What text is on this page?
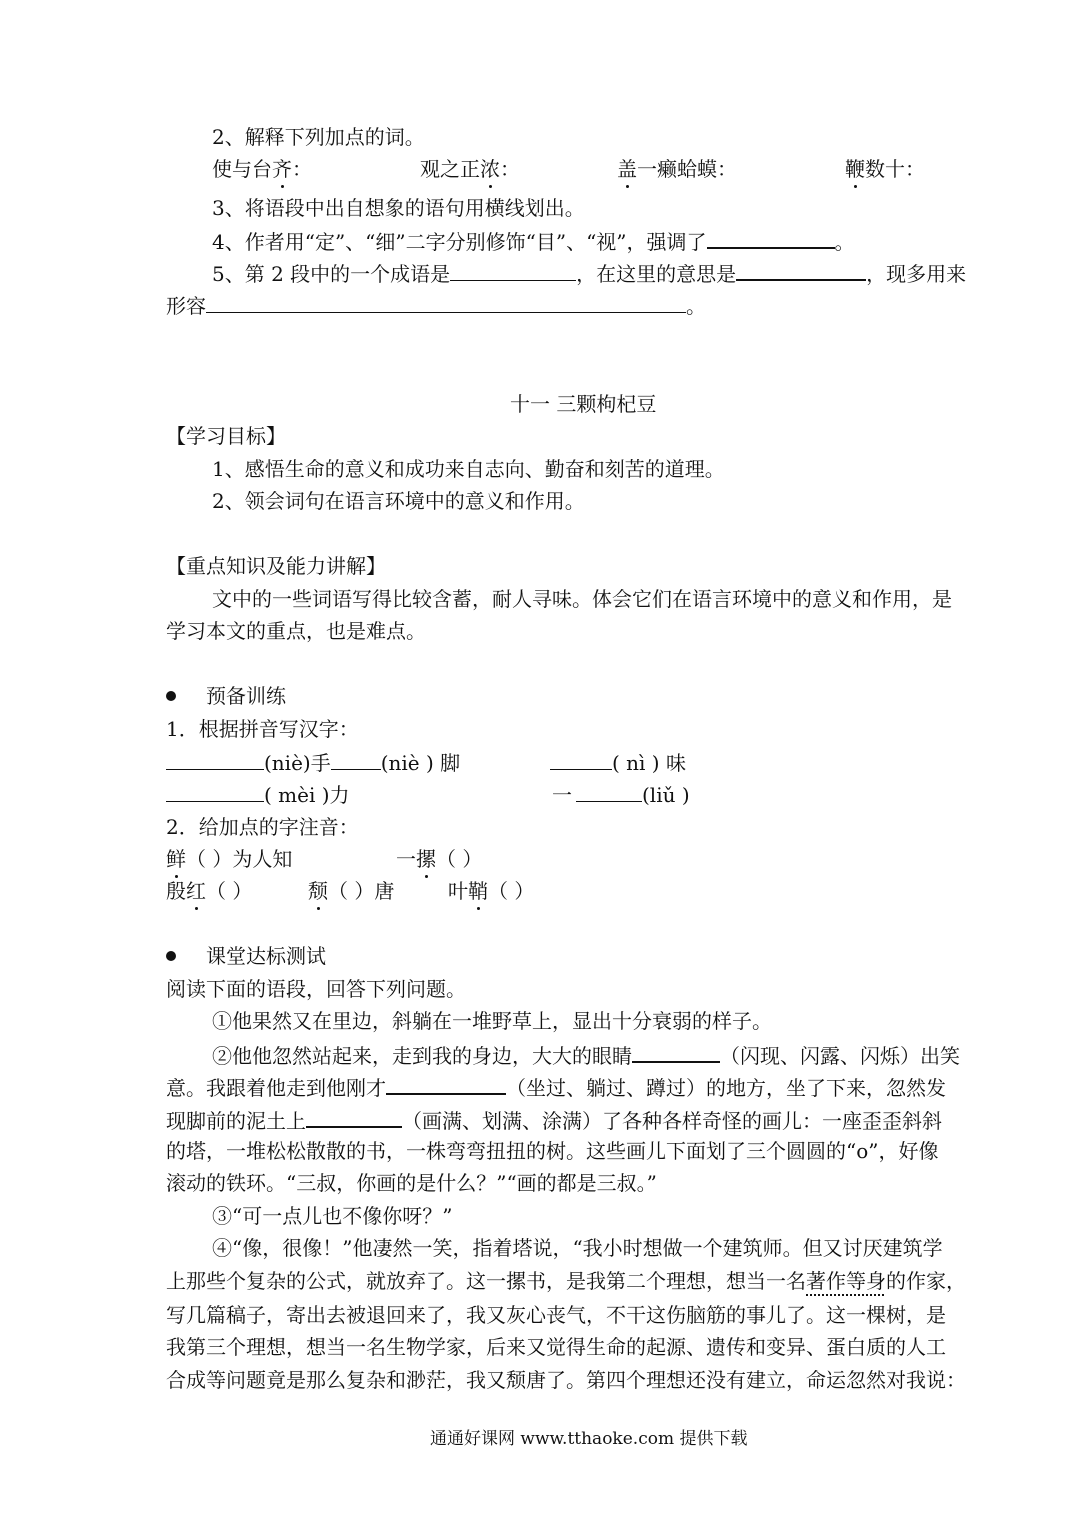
2、解释下列加点的词。
使与台齐：	观之正浓：	盖一癞蛤蟆：	鞭数十：
3、将语段中出自想象的语句用横线划出。
4、作者用“定”、“细”二字分别修饰“目”、“视”，强调了	。
5、第 2 段中的一个成语是	，在这里的意思是	，现多用来
形容	。
十一 三颗枸杞豆
【学习目标】
1、感悟生命的意义和成功来自志向、勤奋和刻苦的道理。
2、领会词句在语言环境中的意义和作用。
【重点知识及能力讲解】
文中的一些词语写得比较含蓄，耐人寻味。体会它们在语言环境中的意义和作用，是
学习本文的重点，也是难点。
预备训练
1．根据拼音写汉字：
(niè)手	(niè ) 脚	( nì ) 味
( mèi )力	一	(liǔ )
2．给加点的字注音：
鲜（ ）为人知	一摞（ ）
殷红（ ）	颓（ ）唐	叶鞘（ ）
课堂达标测试
阅读下面的语段，回答下列问题。
①他果然又在里边，斜躺在一堆野草上，显出十分衰弱的样子。
②他他忽然站起来，走到我的身边，大大的眼睛	（闪现、闪露、闪烁）出笑
意。我跟着他走到他刚才	（坐过、躺过、蹲过）的地方，坐了下来，忽然发
现脚前的泥土上	（画满、划满、涂满）了各种各样奇怪的画儿：一座歪歪斜斜
的塔，一堆松松散散的书，一株弯弯扭扭的树。这些画儿下面划了三个圆圆的“o”，好像
滚动的铁环。“三叔，你画的是什么？”“画的都是三叔。”
③“可一点儿也不像你呀？”
④“像，很像！”他凄然一笑，指着塔说，“我小时想做一个建筑师。但又讨厌建筑学
上那些个复杂的公式，就放弃了。这一摞书，是我第二个理想，想当一名著作等身的作家，
写几篇稿子，寄出去被退回来了，我又灰心丧气，不干这伤脑筋的事儿了。这一棵树，是
我第三个理想，想当一名生物学家，后来又觉得生命的起源、遗传和变异、蛋白质的人工
合成等问题竟是那么复杂和渺茫，我又颓唐了。第四个理想还没有建立，命运忽然对我说：
通通好课网 www.tthaoke.com 提供下载
